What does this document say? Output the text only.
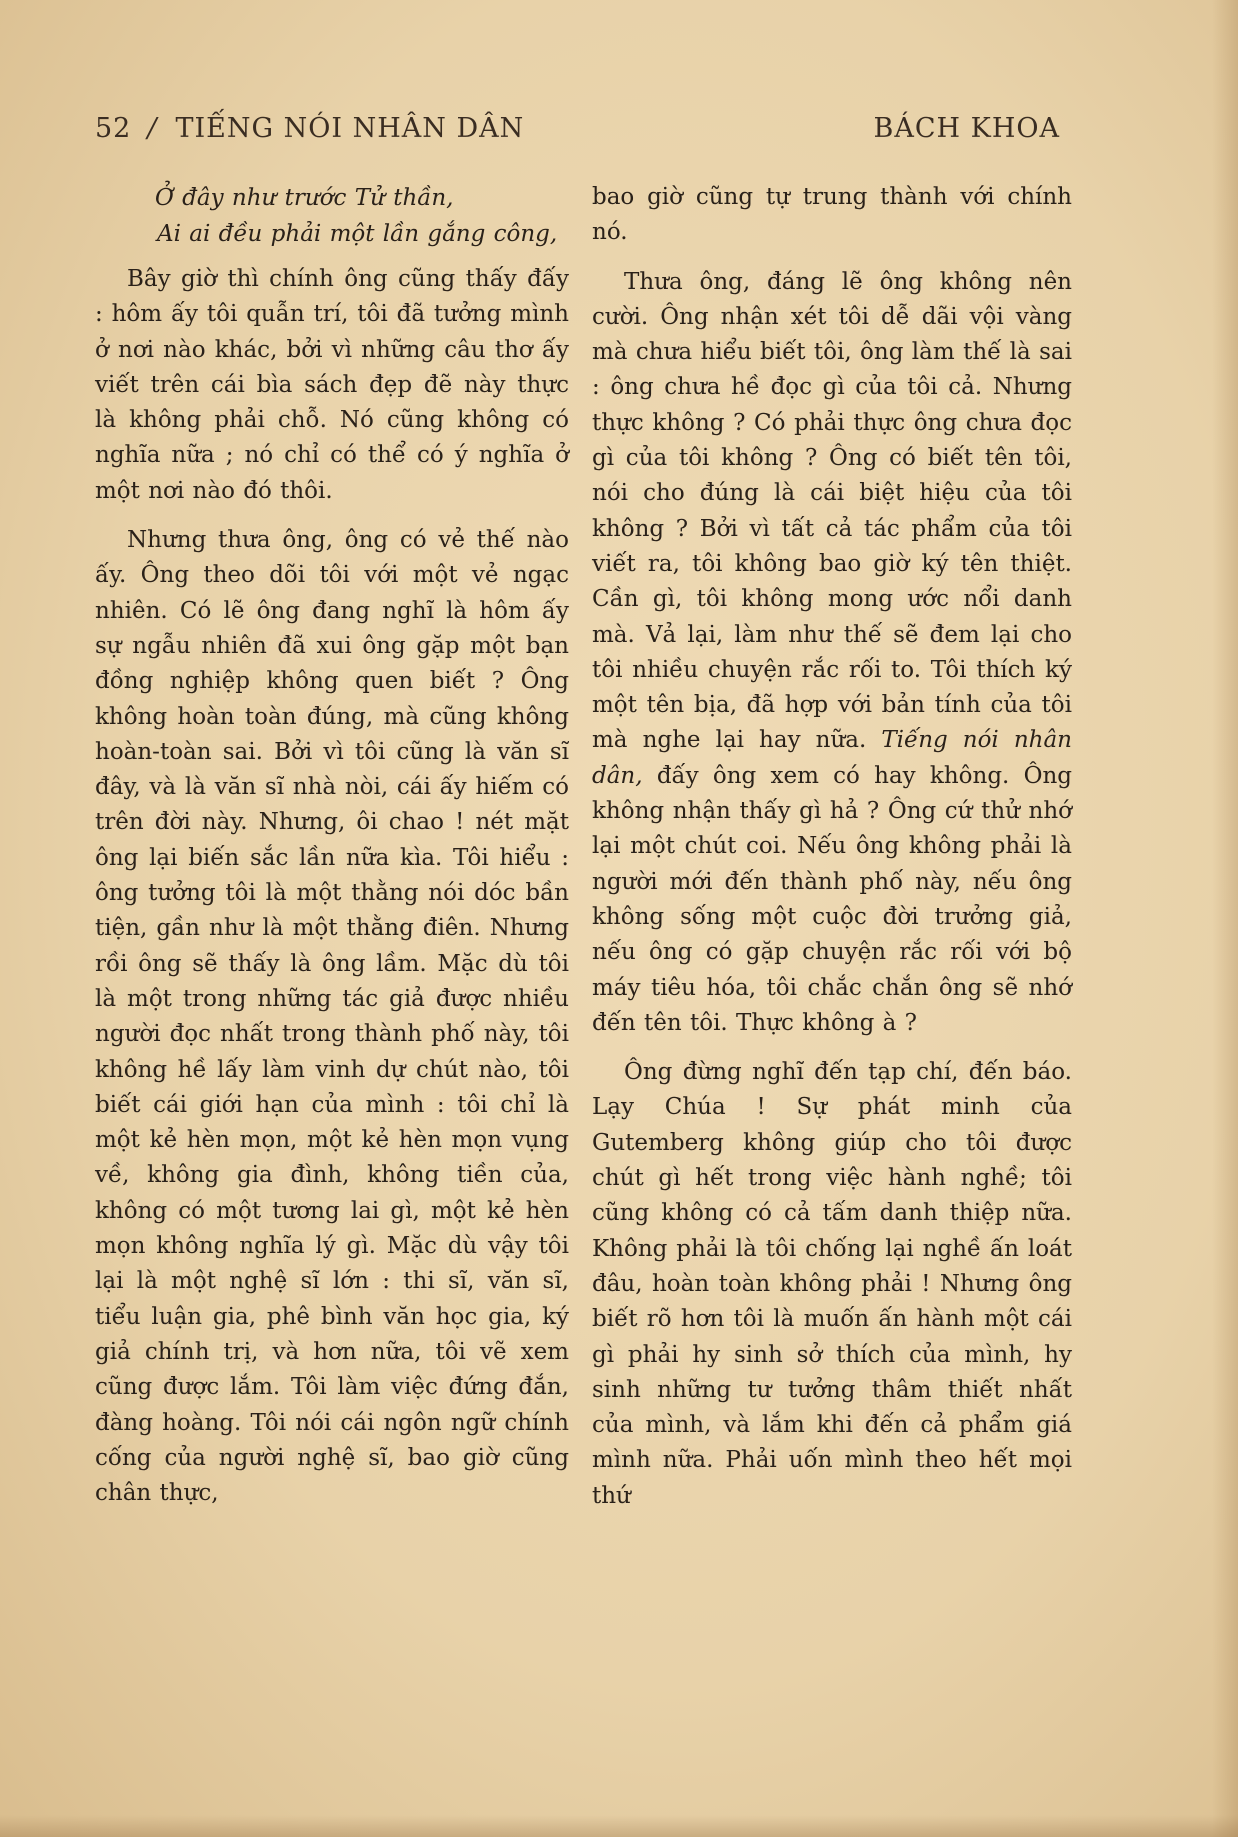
52 / TIẾNG NÓI NHÂN DÂN	BÁCH KHOA
Ở đây như trước Tử thần,
Ai ai đều phải một lần gắng công,

Bây giờ thì chính ông cũng thấy đấy : hôm ấy tôi quẫn trí, tôi đã tưởng mình ở nơi nào khác, bởi vì những câu thơ ấy viết trên cái bìa sách đẹp đẽ này thực là không phải chỗ. Nó cũng không có nghĩa nữa ; nó chỉ có thể có ý nghĩa ở một nơi nào đó thôi.

Nhưng thưa ông, ông có vẻ thế nào ấy. Ông theo dõi tôi với một vẻ ngạc nhiên. Có lẽ ông đang nghĩ là hôm ấy sự ngẫu nhiên đã xui ông gặp một bạn đồng nghiệp không quen biết ? Ông không hoàn toàn đúng, mà cũng không hoàn-toàn sai. Bởi vì tôi cũng là văn sĩ đây, và là văn sĩ nhà nòi, cái ấy hiếm có trên đời này. Nhưng, ôi chao ! nét mặt ông lại biến sắc lần nữa kìa. Tôi hiểu : ông tưởng tôi là một thằng nói dóc bần tiện, gần như là một thằng điên. Nhưng rồi ông sẽ thấy là ông lầm. Mặc dù tôi là một trong những tác giả được nhiều người đọc nhất trong thành phố này, tôi không hề lấy làm vinh dự chút nào, tôi biết cái giới hạn của mình : tôi chỉ là một kẻ hèn mọn, một kẻ hèn mọn vụng về, không gia đình, không tiền của, không có một tương lai gì, một kẻ hèn mọn không nghĩa lý gì. Mặc dù vậy tôi lại là một nghệ sĩ lớn : thi sĩ, văn sĩ, tiểu luận gia, phê bình văn học gia, ký giả chính trị, và hơn nữa, tôi vẽ xem cũng được lắm. Tôi làm việc đứng đắn, đàng hoàng. Tôi nói cái ngôn ngữ chính cống của người nghệ sĩ, bao giờ cũng chân thực,

bao giờ cũng tự trung thành với chính nó.

Thưa ông, đáng lẽ ông không nên cười. Ông nhận xét tôi dễ dãi vội vàng mà chưa hiểu biết tôi, ông làm thế là sai : ông chưa hề đọc gì của tôi cả. Nhưng thực không ? Có phải thực ông chưa đọc gì của tôi không ? Ông có biết tên tôi, nói cho đúng là cái biệt hiệu của tôi không ? Bởi vì tất cả tác phẩm của tôi viết ra, tôi không bao giờ ký tên thiệt. Cần gì, tôi không mong ước nổi danh mà. Vả lại, làm như thế sẽ đem lại cho tôi nhiều chuyện rắc rối to. Tôi thích ký một tên bịa, đã hợp với bản tính của tôi mà nghe lại hay nữa. Tiếng nói nhân dân, đấy ông xem có hay không. Ông không nhận thấy gì hả ? Ông cứ thử nhớ lại một chút coi. Nếu ông không phải là người mới đến thành phố này, nếu ông không sống một cuộc đời trưởng giả, nếu ông có gặp chuyện rắc rối với bộ máy tiêu hóa, tôi chắc chắn ông sẽ nhớ đến tên tôi. Thực không à ?

Ông đừng nghĩ đến tạp chí, đến báo. Lạy Chúa ! Sự phát minh của Gutemberg không giúp cho tôi được chút gì hết trong việc hành nghề; tôi cũng không có cả tấm danh thiệp nữa. Không phải là tôi chống lại nghề ấn loát đâu, hoàn toàn không phải ! Nhưng ông biết rõ hơn tôi là muốn ấn hành một cái gì phải hy sinh sở thích của mình, hy sinh những tư tưởng thâm thiết nhất của mình, và lắm khi đến cả phẩm giá mình nữa. Phải uốn mình theo hết mọi thứ
